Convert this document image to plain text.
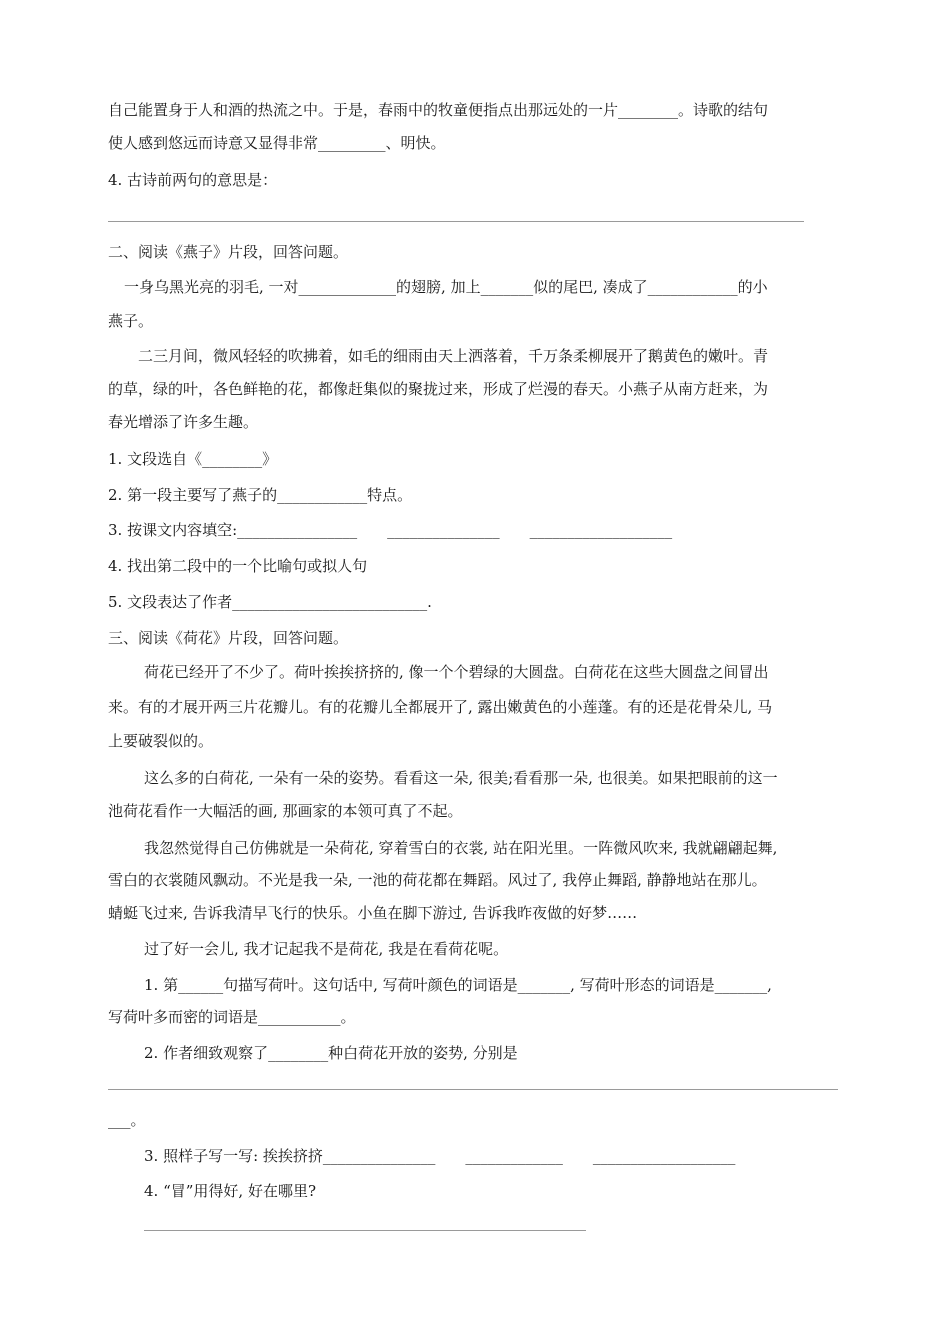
自己能置身于人和酒的热流之中。于是，春雨中的牧童便指点出那远处的一片________。诗歌的结句
使人感到悠远而诗意又显得非常_________、明快。
4. 古诗前两句的意思是：
二、阅读《燕子》片段，回答问题。
一身乌黑光亮的羽毛, 一对_____________的翅膀, 加上_______似的尾巴, 凑成了____________的小
燕子。
二三月间，微风轻轻的吹拂着，如毛的细雨由天上洒落着，千万条柔柳展开了鹅黄色的嫩叶。青
的草，绿的叶，各色鲜艳的花，都像赶集似的聚拢过来，形成了烂漫的春天。小燕子从南方赶来，为
春光增添了许多生趣。
1. 文段选自《________》
2. 第一段主要写了燕子的____________特点。
3. 按课文内容填空:________________　　_______________　　___________________
4. 找出第二段中的一个比喻句或拟人句
5. 文段表达了作者__________________________.
三、阅读《荷花》片段，回答问题。
荷花已经开了不少了。荷叶挨挨挤挤的, 像一个个碧绿的大圆盘。白荷花在这些大圆盘之间冒出
来。有的才展开两三片花瓣儿。有的花瓣儿全都展开了, 露出嫩黄色的小莲蓬。有的还是花骨朵儿, 马
上要破裂似的。
这么多的白荷花, 一朵有一朵的姿势。看看这一朵, 很美;看看那一朵, 也很美。如果把眼前的这一
池荷花看作一大幅活的画, 那画家的本领可真了不起。
我忽然觉得自己仿佛就是一朵荷花, 穿着雪白的衣裳, 站在阳光里。一阵微风吹来, 我就翩翩起舞,
雪白的衣裳随风飘动。不光是我一朵, 一池的荷花都在舞蹈。风过了, 我停止舞蹈, 静静地站在那儿。
蜻蜓飞过来, 告诉我清早飞行的快乐。小鱼在脚下游过, 告诉我昨夜做的好梦……
过了好一会儿, 我才记起我不是荷花, 我是在看荷花呢。
1. 第______句描写荷叶。这句话中, 写荷叶颜色的词语是_______, 写荷叶形态的词语是_______,
写荷叶多而密的词语是___________。
2. 作者细致观察了________种白荷花开放的姿势, 分别是
___。
3. 照样子写一写: 挨挨挤挤_______________　　_____________　　___________________
4. “冒”用得好, 好在哪里?
